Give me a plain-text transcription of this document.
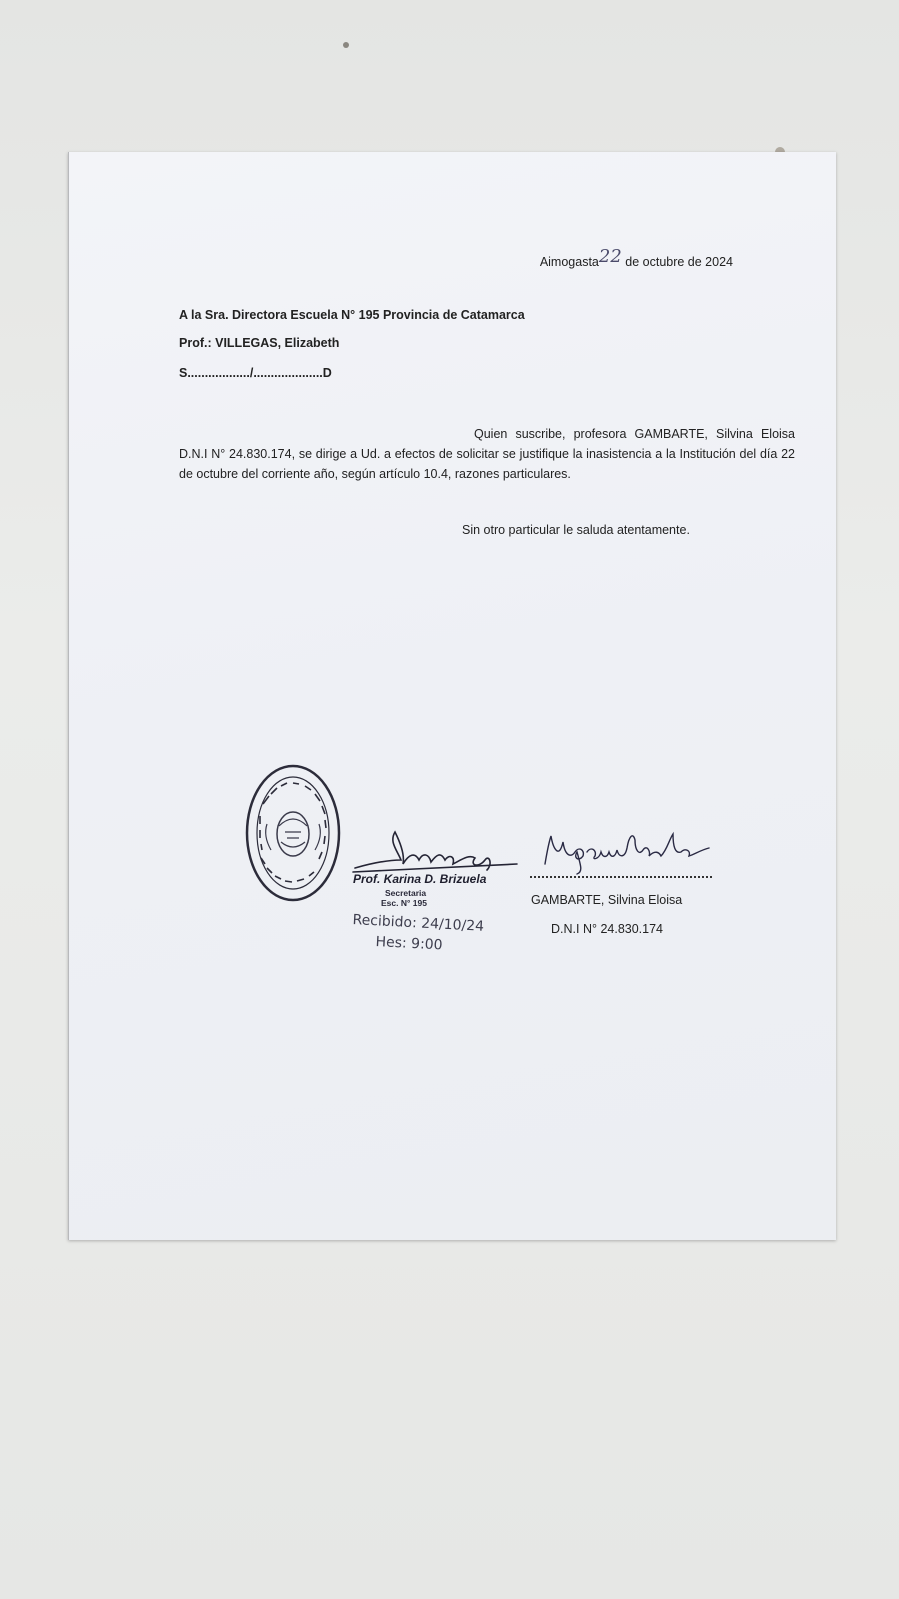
Aimogasta22 de octubre de 2024
A la Sra. Directora Escuela N° 195 Provincia de Catamarca
Prof.: VILLEGAS, Elizabeth
S................../....................D
Quien suscribe, profesora GAMBARTE, Silvina Eloisa D.N.I N° 24.830.174, se dirige a Ud. a efectos de solicitar se justifique la inasistencia a la Institución del día 22 de octubre del corriente año, según artículo 10.4, razones particulares.
Sin otro particular le saluda atentamente.
Prof. Karina D. Brizuela
Secretaria
Esc. N° 195
Recibido: 24/10/24
Hes: 9:00
GAMBARTE, Silvina Eloisa
D.N.I N° 24.830.174
